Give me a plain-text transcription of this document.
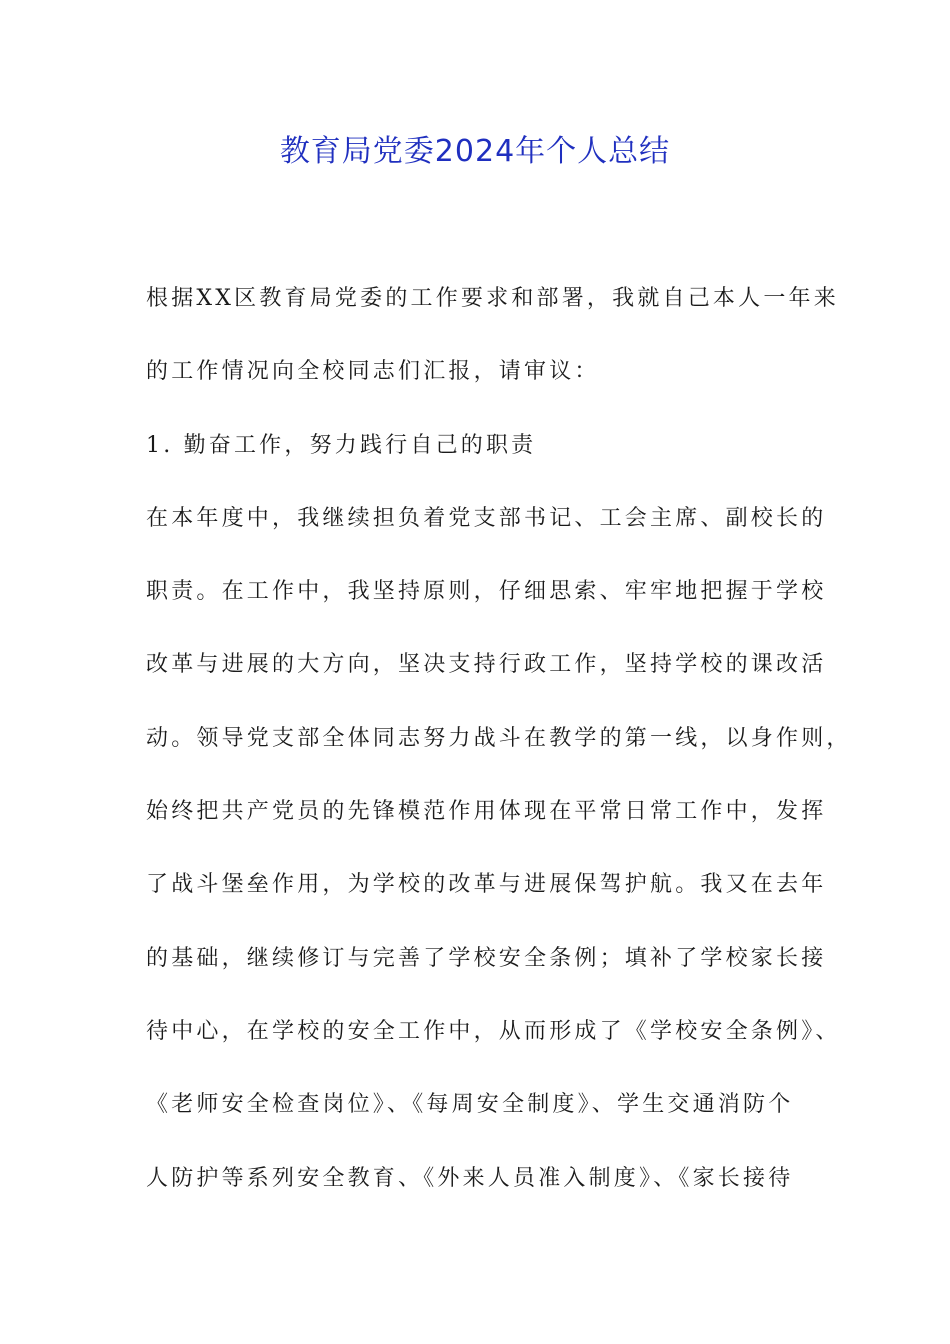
教育局党委2024年个人总结
根据XX区教育局党委的工作要求和部署，我就自己本人一年来
的工作情况向全校同志们汇报，请审议：
1. 勤奋工作，努力践行自己的职责
在本年度中，我继续担负着党支部书记、工会主席、副校长的
职责。在工作中，我坚持原则，仔细思索、牢牢地把握于学校
改革与进展的大方向，坚决支持行政工作，坚持学校的课改活
动。领导党支部全体同志努力战斗在教学的第一线，以身作则，
始终把共产党员的先锋模范作用体现在平常日常工作中，发挥
了战斗堡垒作用，为学校的改革与进展保驾护航。我又在去年
的基础，继续修订与完善了学校安全条例；填补了学校家长接
待中心，在学校的安全工作中，从而形成了《学校安全条例》、
《老师安全检查岗位》、《每周安全制度》、学生交通消防个
人防护等系列安全教育、《外来人员准入制度》、《家长接待
